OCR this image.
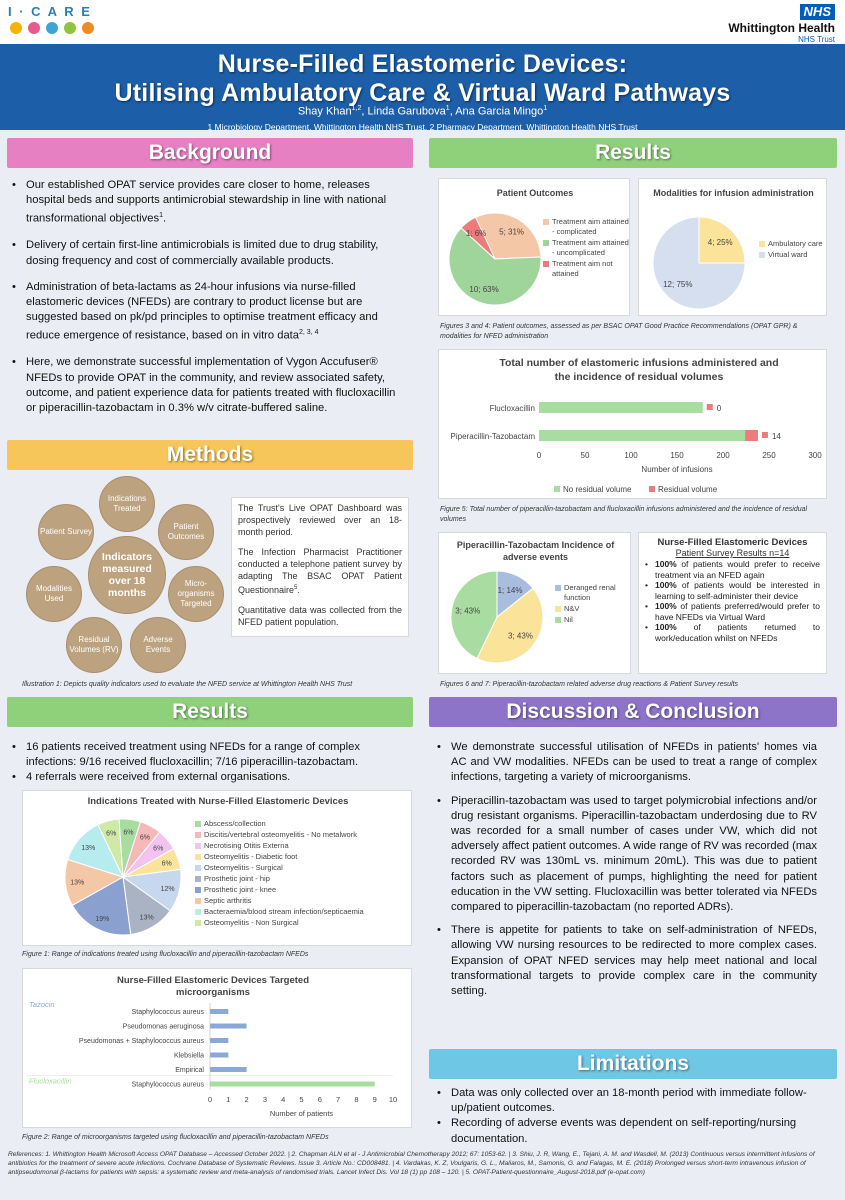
I · C A R E	NHS
Whittington Health
NHS Trust
Nurse-Filled Elastomeric Devices:
Utilising Ambulatory Care & Virtual Ward Pathways
Shay Khan$^{1,2}$, Linda Garubova$^1$, Ana Garcia Mingo$^1$
1 Microbiology Department, Whittington Health NHS Trust. 2 Pharmacy Department, Whittington Health NHS Trust
Background
• Our established OPAT service provides care closer to home, releases hospital beds and supports antimicrobial stewardship in line with national transformational objectives$^1$.
• Delivery of certain first-line antimicrobials is limited due to drug stability, dosing frequency and cost of commercially available products.
• Administration of beta-lactams as 24-hour infusions via nurse-filled elastomeric devices (NFEDs) are contrary to product license but are suggested based on pk/pd principles to optimise treatment efficacy and reduce emergence of resistance, based on in vitro data$^{2, 3, 4}$
• Here, we demonstrate successful implementation of Vygon Accufuser® NFEDs to provide OPAT in the community, and review associated safety, outcome, and patient experience data for patients treated with flucloxacillin or piperacillin-tazobactam in 0.3% w/v citrate-buffered saline.
Methods
Indicators measured over 18 months
Indications Treated
Patient Outcomes
Micro-organisms Targeted
Adverse Events
Residual Volumes (RV)
Modalities Used
Patient Survey

The Trust's Live OPAT Dashboard was prospectively reviewed over an 18-month period.

The Infection Pharmacist Practitioner conducted a telephone patient survey by adapting The BSAC OPAT Patient Questionnaire$^5$.

Quantitative data was collected from the NFED patient population.

Illustration 1: Depicts quality indicators used to evaluate the NFED service at Whittington Health NHS Trust
Results
• 16 patients received treatment using NFEDs for a range of complex infections: 9/16 received flucloxacillin; 7/16 piperacillin-tazobactam.
• 4 referrals were received from external organisations.
Indications Treated with Nurse-Filled Elastomeric Devices
6%
6%
6%
6%
12%
13%
19%
13%
13%
6%
Abscess/collection
Discitis/vertebral osteomyelitis - No metalwork
Necrotising Otitis Externa
Osteomyelitis - Diabetic foot
Osteomyelitis - Surgical
Prosthetic joint - hip
Prosthetic joint - knee
Septic arthritis
Bacteraemia/blood stream infection/septicaemia
Osteomyelitis - Non Surgical
Figure 1: Range of indications treated using flucloxacillin and piperacillin-tazobactam NFEDs
Nurse-Filled Elastomeric Devices Targeted microorganisms
Tazocin
Staphylococcus aureus
Pseudomonas aeruginosa
Pseudomonas + Staphylococcus aureus
Klebsiella
Empirical
Flucloxacillin	Staphylococcus aureus
0 1 2 3 4 5 6 7 8 9 10
Number of patients
Figure 2: Range of microorganisms targeted using flucloxacillin and piperacillin-tazobactam NFEDs
Results
Patient Outcomes
5; 31%
10; 63%
1; 6%
Treatment aim attained - complicated
Treatment aim attained - uncomplicated
Treatment aim not attained
Modalities for infusion administration
4; 25%
12; 75%
Ambulatory care
Virtual ward
Figures 3 and 4: Patient outcomes, assessed as per BSAC OPAT Good Practice Recommendations (OPAT GPR) & modalities for NFED administration
Total number of elastomeric infusions administered and the incidence of residual volumes
Flucloxacillin	0
Piperacillin-Tazobactam	14
0	50	100	150	200	250	300
Number of infusions
No residual volume	Residual volume
Figure 5: Total number of piperacillin-tazobactam and flucloxacillin infusions administered and the incidence of residual volumes
Piperacillin-Tazobactam Incidence of adverse events
1; 14%
3; 43%
3; 43%
Deranged renal function
N&V
Nil
Nurse-Filled Elastomeric Devices
Patient Survey Results n=14
• 100% of patients would prefer to receive treatment via an NFED again
• 100% of patients would be interested in learning to self-administer their device
• 100% of patients preferred/would prefer to have NFEDs via Virtual Ward
• 100% of patients returned to work/education whilst on NFEDs
Figures 6 and 7: Piperacillin-tazobactam related adverse drug reactions & Patient Survey results
Discussion & Conclusion
• We demonstrate successful utilisation of NFEDs in patients' homes via AC and VW modalities. NFEDs can be used to treat a range of complex infections, targeting a variety of microorganisms.
• Piperacillin-tazobactam was used to target polymicrobial infections and/or drug resistant organisms. Piperacillin-tazobactam underdosing due to RV was recorded for a small number of cases under VW, which did not adversely affect patient outcomes. A wide range of RV was recorded (max recorded RV was 130mL vs. minimum 20mL). This was due to patient factors such as placement of pumps, highlighting the need for patient education in the VW setting. Flucloxacillin was better tolerated via NFEDs compared to piperacillin-tazobactam (no reported ADRs).
• There is appetite for patients to take on self-administration of NFEDs, allowing VW nursing resources to be redirected to more complex cases. Expansion of OPAT NFED services may help meet national and local transformational targets to provide complex care in the community setting.
Limitations
• Data was only collected over an 18-month period with immediate follow-up/patient outcomes.
• Recording of adverse events was dependent on self-reporting/nursing documentation.
References: 1. Whittington Health Microsoft Access OPAT Database – Accessed October 2022. | 2. Chapman ALN et al - J Antimicrobial Chemotherapy 2012; 67: 1053-62. | 3. Shiu, J. R, Wang, E., Tejani, A. M. and Wasdell, M. (2013) Continuous versus intermittent infusions of antibiotics for the treatment of severe acute infections. Cochrane Database of Systematic Reviews. Issue 3. Article No.: CD008481. | 4. Vardakas, K. Z, Voulgaris, G. L., Maliaros, M., Samonis, G. and Falagas, M. E. (2018) Prolonged versus short-term intravenous infusion of antipseudomonal β-lactams for patients with sepsis: a systematic review and meta-analysis of randomised trials. Lancet Infect Dis. Vol 18 (1) pp 108 – 120. | 5. OPAT-Patient-questionnaire_August-2018.pdf (e-opat.com)
